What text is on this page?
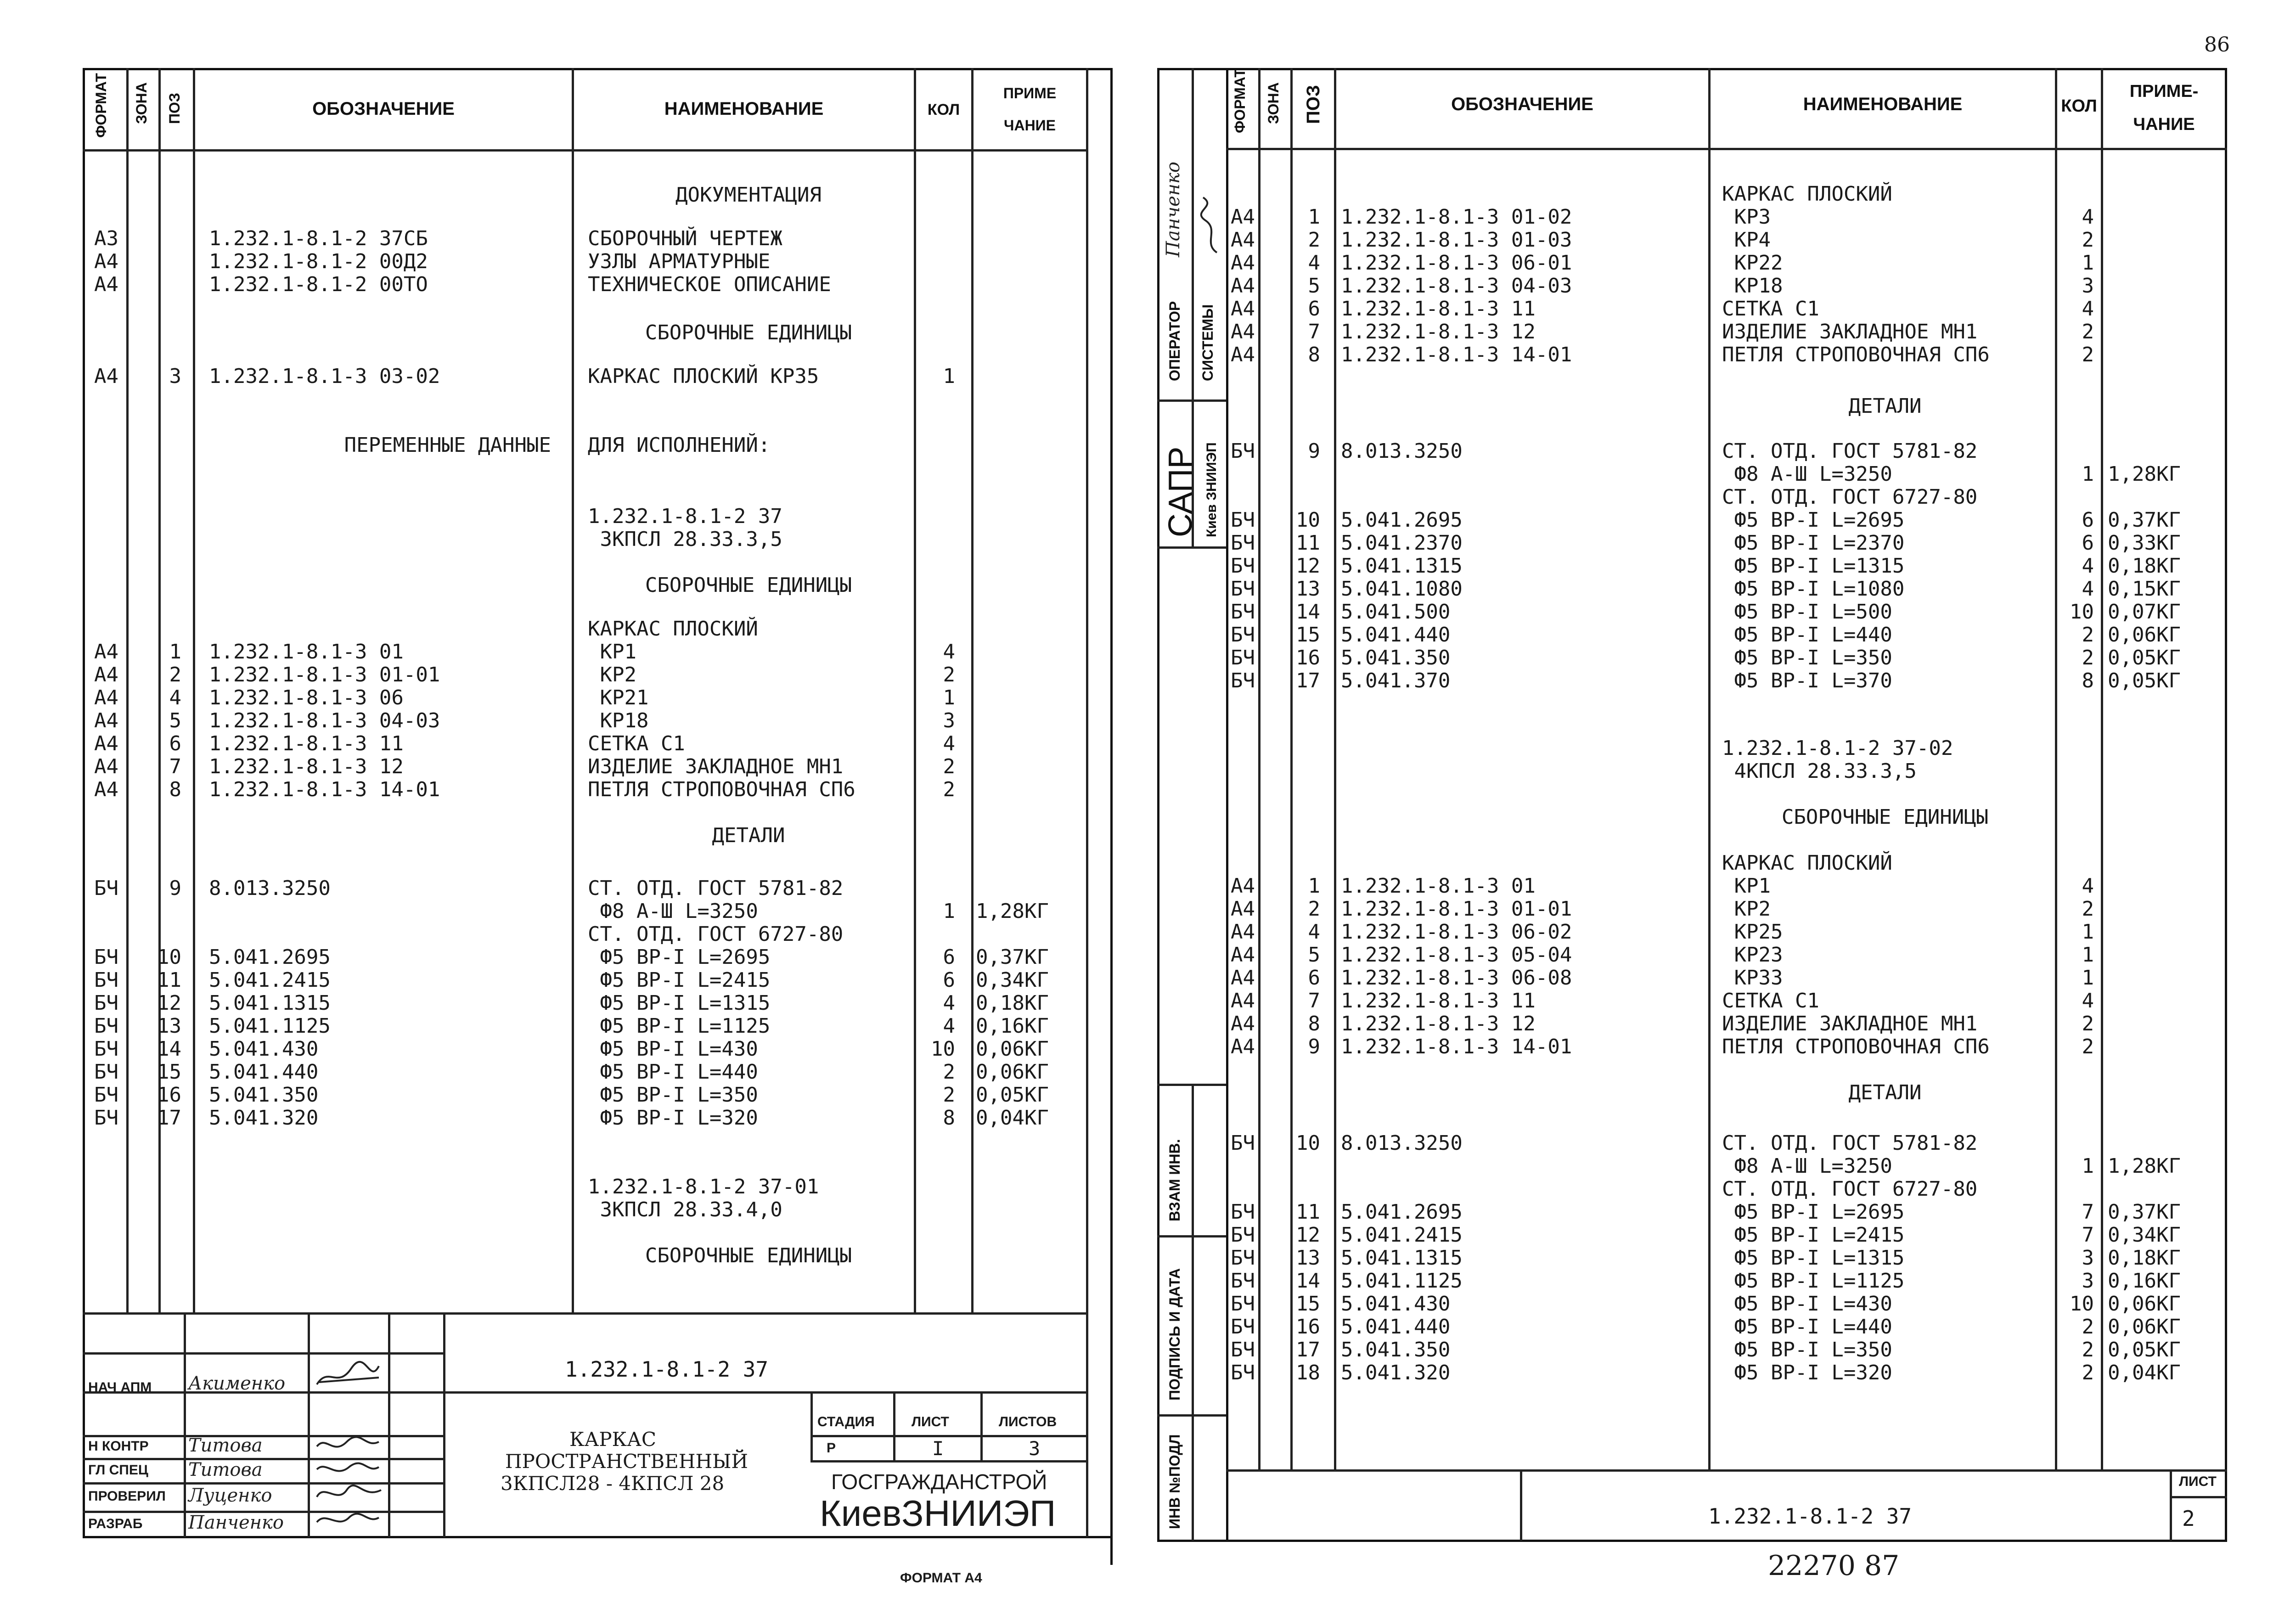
ФОРМАТ ЗОНА ПОЗ	ОБОЗНАЧЕНИЕ	НАИМЕНОВАНИЕ	КОЛ
ПРИМЕ
ЧАНИЕ
ДОКУМЕНТАЦИЯ
А3	1.232.1-8.1-2 37СБ	СБОРОЧНЫЙ ЧЕРТЕЖ
А4	1.232.1-8.1-2 00Д2	УЗЛЫ АРМАТУРНЫЕ
А4	1.232.1-8.1-2 00ТО	ТЕХНИЧЕСКОЕ ОПИСАНИЕ
СБОРОЧНЫЕ ЕДИНИЦЫ
А4	3 1.232.1-8.1-3 03-02	КАРКАС ПЛОСКИЙ КР35	1
ПЕРЕМЕННЫЕ ДАННЫЕ ДЛЯ ИСПОЛНЕНИЙ:
1.232.1-8.1-2 37
3КПСЛ 28.33.3,5
СБОРОЧНЫЕ ЕДИНИЦЫ
КАРКАС ПЛОСКИЙ
А4	1 1.232.1-8.1-3 01	КР1	4
А4	2 1.232.1-8.1-3 01-01	КР2	2
А4	4 1.232.1-8.1-3 06	КР21	1
А4	5 1.232.1-8.1-3 04-03	КР18	3
А4	6 1.232.1-8.1-3 11	СЕТКА С1	4
А4	7 1.232.1-8.1-3 12	ИЗДЕЛИЕ ЗАКЛАДНОЕ МН1	2
А4	8 1.232.1-8.1-3 14-01	ПЕТЛЯ СТРОПОВОЧНАЯ СП6	2
ДЕТАЛИ
БЧ	9 8.013.3250	СТ. ОТД. ГОСТ 5781-82
Ф8 А-Ш L=3250	1 1,28КГ
СТ. ОТД. ГОСТ 6727-80
БЧ	10 5.041.2695	Ф5 ВР-I L=2695	6 0,37КГ
БЧ	11 5.041.2415	Ф5 ВР-I L=2415	6 0,34КГ
БЧ	12 5.041.1315	Ф5 ВР-I L=1315	4 0,18КГ
БЧ	13 5.041.1125	Ф5 ВР-I L=1125	4 0,16КГ
БЧ	14 5.041.430	Ф5 ВР-I L=430	10 0,06КГ
БЧ	15 5.041.440	Ф5 ВР-I L=440	2 0,06КГ
БЧ	16 5.041.350	Ф5 ВР-I L=350	2 0,05КГ
БЧ	17 5.041.320	Ф5 ВР-I L=320	8 0,04КГ
1.232.1-8.1-2 37-01
3КПСЛ 28.33.4,0
СБОРОЧНЫЕ ЕДИНИЦЫ
1.232.1-8.1-2 37
НАЧ АПМ
Н КОНТР
ГЛ СПЕЦ
ПРОВЕРИЛ
РАЗРАБ
Акименко
Титова
Титова
Луценко
Панченко
КАРКАС
ПРОСТРАНСТВЕННЫЙ
3КПСЛ28 - 4КПСЛ 28
СТАДИЯ	ЛИСТ	ЛИСТОВ
Р	I	3
ГОСГРАЖДАНСТРОЙ
КиевЗНИИЭП
ФОРМАТ А4
86
ОПЕРАТОР СИСТЕМЫ
САПР Киев ЗНИИЭП
ВЗАМ ИНВ.
ПОДПИСЬ И ДАТА
ИНВ №ПОДЛ
Панченко
ФОРМАТ ЗОНА ПОЗ	ОБОЗНАЧЕНИЕ	НАИМЕНОВАНИЕ	КОЛ
ПРИМЕ-
ЧАНИЕ
КАРКАС ПЛОСКИЙ
А4	1 1.232.1-8.1-3 01-02	КР3	4
А4	2 1.232.1-8.1-3 01-03	КР4	2
А4	4 1.232.1-8.1-3 06-01	КР22	1
А4	5 1.232.1-8.1-3 04-03	КР18	3
А4	6 1.232.1-8.1-3 11	СЕТКА С1	4
А4	7 1.232.1-8.1-3 12	ИЗДЕЛИЕ ЗАКЛАДНОЕ МН1	2
А4	8 1.232.1-8.1-3 14-01	ПЕТЛЯ СТРОПОВОЧНАЯ СП6	2
ДЕТАЛИ
БЧ	9 8.013.3250	СТ. ОТД. ГОСТ 5781-82
Ф8 А-Ш L=3250	1 1,28КГ
СТ. ОТД. ГОСТ 6727-80
БЧ	10 5.041.2695	Ф5 ВР-I L=2695	6 0,37КГ
БЧ	11 5.041.2370	Ф5 ВР-I L=2370	6 0,33КГ
БЧ	12 5.041.1315	Ф5 ВР-I L=1315	4 0,18КГ
БЧ	13 5.041.1080	Ф5 ВР-I L=1080	4 0,15КГ
БЧ	14 5.041.500	Ф5 ВР-I L=500	10 0,07КГ
БЧ	15 5.041.440	Ф5 ВР-I L=440	2 0,06КГ
БЧ	16 5.041.350	Ф5 ВР-I L=350	2 0,05КГ
БЧ	17 5.041.370	Ф5 ВР-I L=370	8 0,05КГ
1.232.1-8.1-2 37-02
4КПСЛ 28.33.3,5
СБОРОЧНЫЕ ЕДИНИЦЫ
КАРКАС ПЛОСКИЙ
А4	1 1.232.1-8.1-3 01	КР1	4
А4	2 1.232.1-8.1-3 01-01	КР2	2
А4	4 1.232.1-8.1-3 06-02	КР25	1
А4	5 1.232.1-8.1-3 05-04	КР23	1
А4	6 1.232.1-8.1-3 06-08	КР33	1
А4	7 1.232.1-8.1-3 11	СЕТКА С1	4
А4	8 1.232.1-8.1-3 12	ИЗДЕЛИЕ ЗАКЛАДНОЕ МН1	2
А4	9 1.232.1-8.1-3 14-01	ПЕТЛЯ СТРОПОВОЧНАЯ СП6	2
ДЕТАЛИ
БЧ	10 8.013.3250	СТ. ОТД. ГОСТ 5781-82
Ф8 А-Ш L=3250	1 1,28КГ
СТ. ОТД. ГОСТ 6727-80
БЧ	11 5.041.2695	Ф5 ВР-I L=2695	7 0,37КГ
БЧ	12 5.041.2415	Ф5 ВР-I L=2415	7 0,34КГ
БЧ	13 5.041.1315	Ф5 ВР-I L=1315	3 0,18КГ
БЧ	14 5.041.1125	Ф5 ВР-I L=1125	3 0,16КГ
БЧ	15 5.041.430	Ф5 ВР-I L=430	10 0,06КГ
БЧ	16 5.041.440	Ф5 ВР-I L=440	2 0,06КГ
БЧ	17 5.041.350	Ф5 ВР-I L=350	2 0,05КГ
БЧ	18 5.041.320	Ф5 ВР-I L=320	2 0,04КГ
ЛИСТ
2
1.232.1-8.1-2 37
22270 87
